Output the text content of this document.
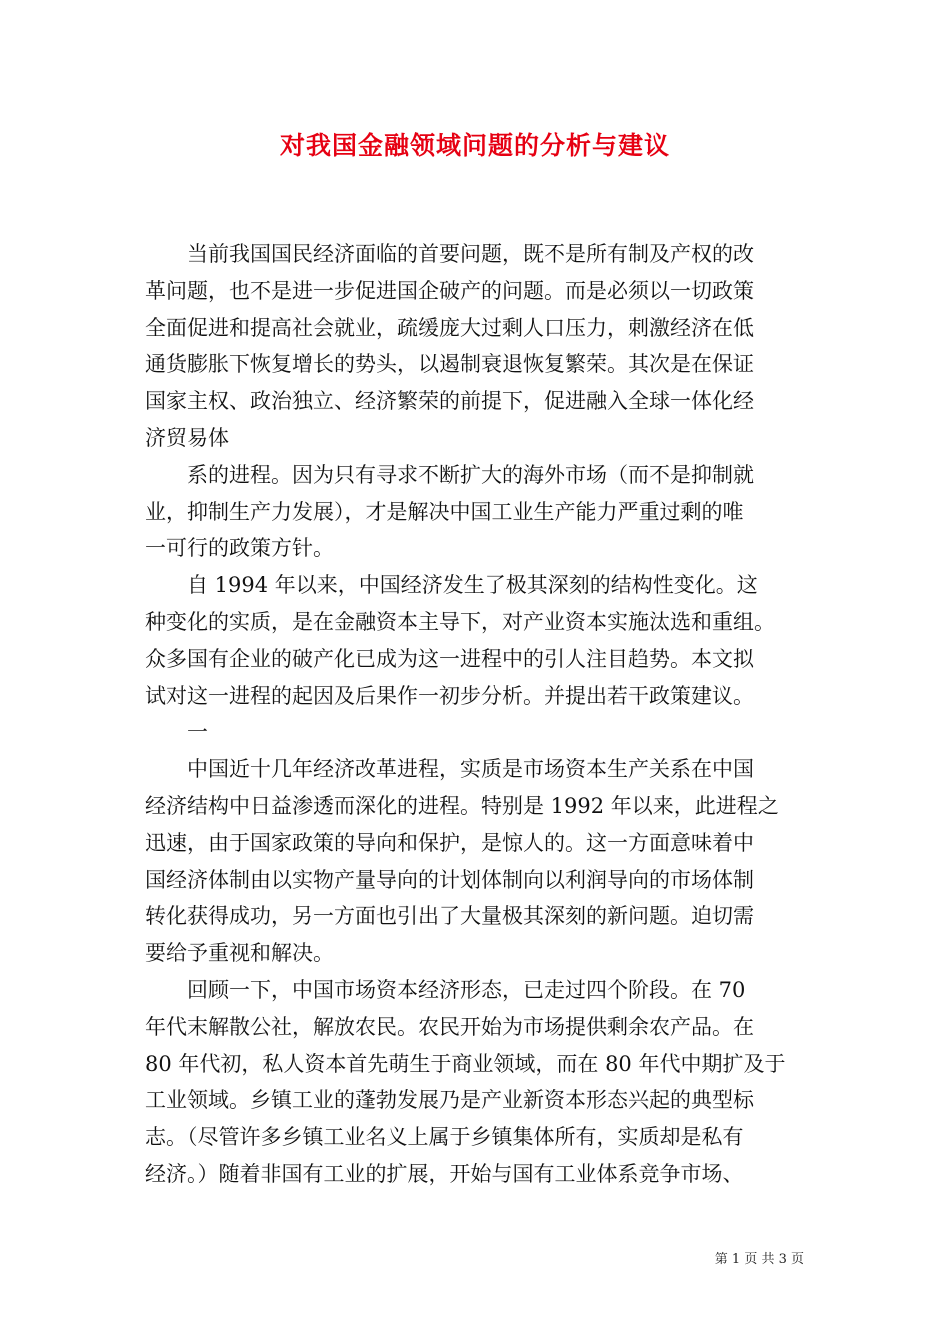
对我国金融领域问题的分析与建议
　　当前我国国民经济面临的首要问题，既不是所有制及产权的改
革问题，也不是进一步促进国企破产的问题。而是必须以一切政策
全面促进和提高社会就业，疏缓庞大过剩人口压力，刺激经济在低
通货膨胀下恢复增长的势头，以遏制衰退恢复繁荣。其次是在保证
国家主权、政治独立、经济繁荣的前提下，促进融入全球一体化经
济贸易体
　　系的进程。因为只有寻求不断扩大的海外市场（而不是抑制就
业，抑制生产力发展），才是解决中国工业生产能力严重过剩的唯
一可行的政策方针。
　　自 1994 年以来，中国经济发生了极其深刻的结构性变化。这
种变化的实质，是在金融资本主导下，对产业资本实施汰选和重组。
众多国有企业的破产化已成为这一进程中的引人注目趋势。本文拟
试对这一进程的起因及后果作一初步分析。并提出若干政策建议。
　　一
　　中国近十几年经济改革进程，实质是市场资本生产关系在中国
经济结构中日益渗透而深化的进程。特别是 1992 年以来，此进程之
迅速，由于国家政策的导向和保护，是惊人的。这一方面意味着中
国经济体制由以实物产量导向的计划体制向以利润导向的市场体制
转化获得成功，另一方面也引出了大量极其深刻的新问题。迫切需
要给予重视和解决。
　　回顾一下，中国市场资本经济形态，已走过四个阶段。在 70
年代末解散公社，解放农民。农民开始为市场提供剩余农产品。在
80 年代初，私人资本首先萌生于商业领域，而在 80 年代中期扩及于
工业领域。乡镇工业的蓬勃发展乃是产业新资本形态兴起的典型标
志。（尽管许多乡镇工业名义上属于乡镇集体所有，实质却是私有
经济。）随着非国有工业的扩展，开始与国有工业体系竞争市场、
第 1 页 共 3 页
